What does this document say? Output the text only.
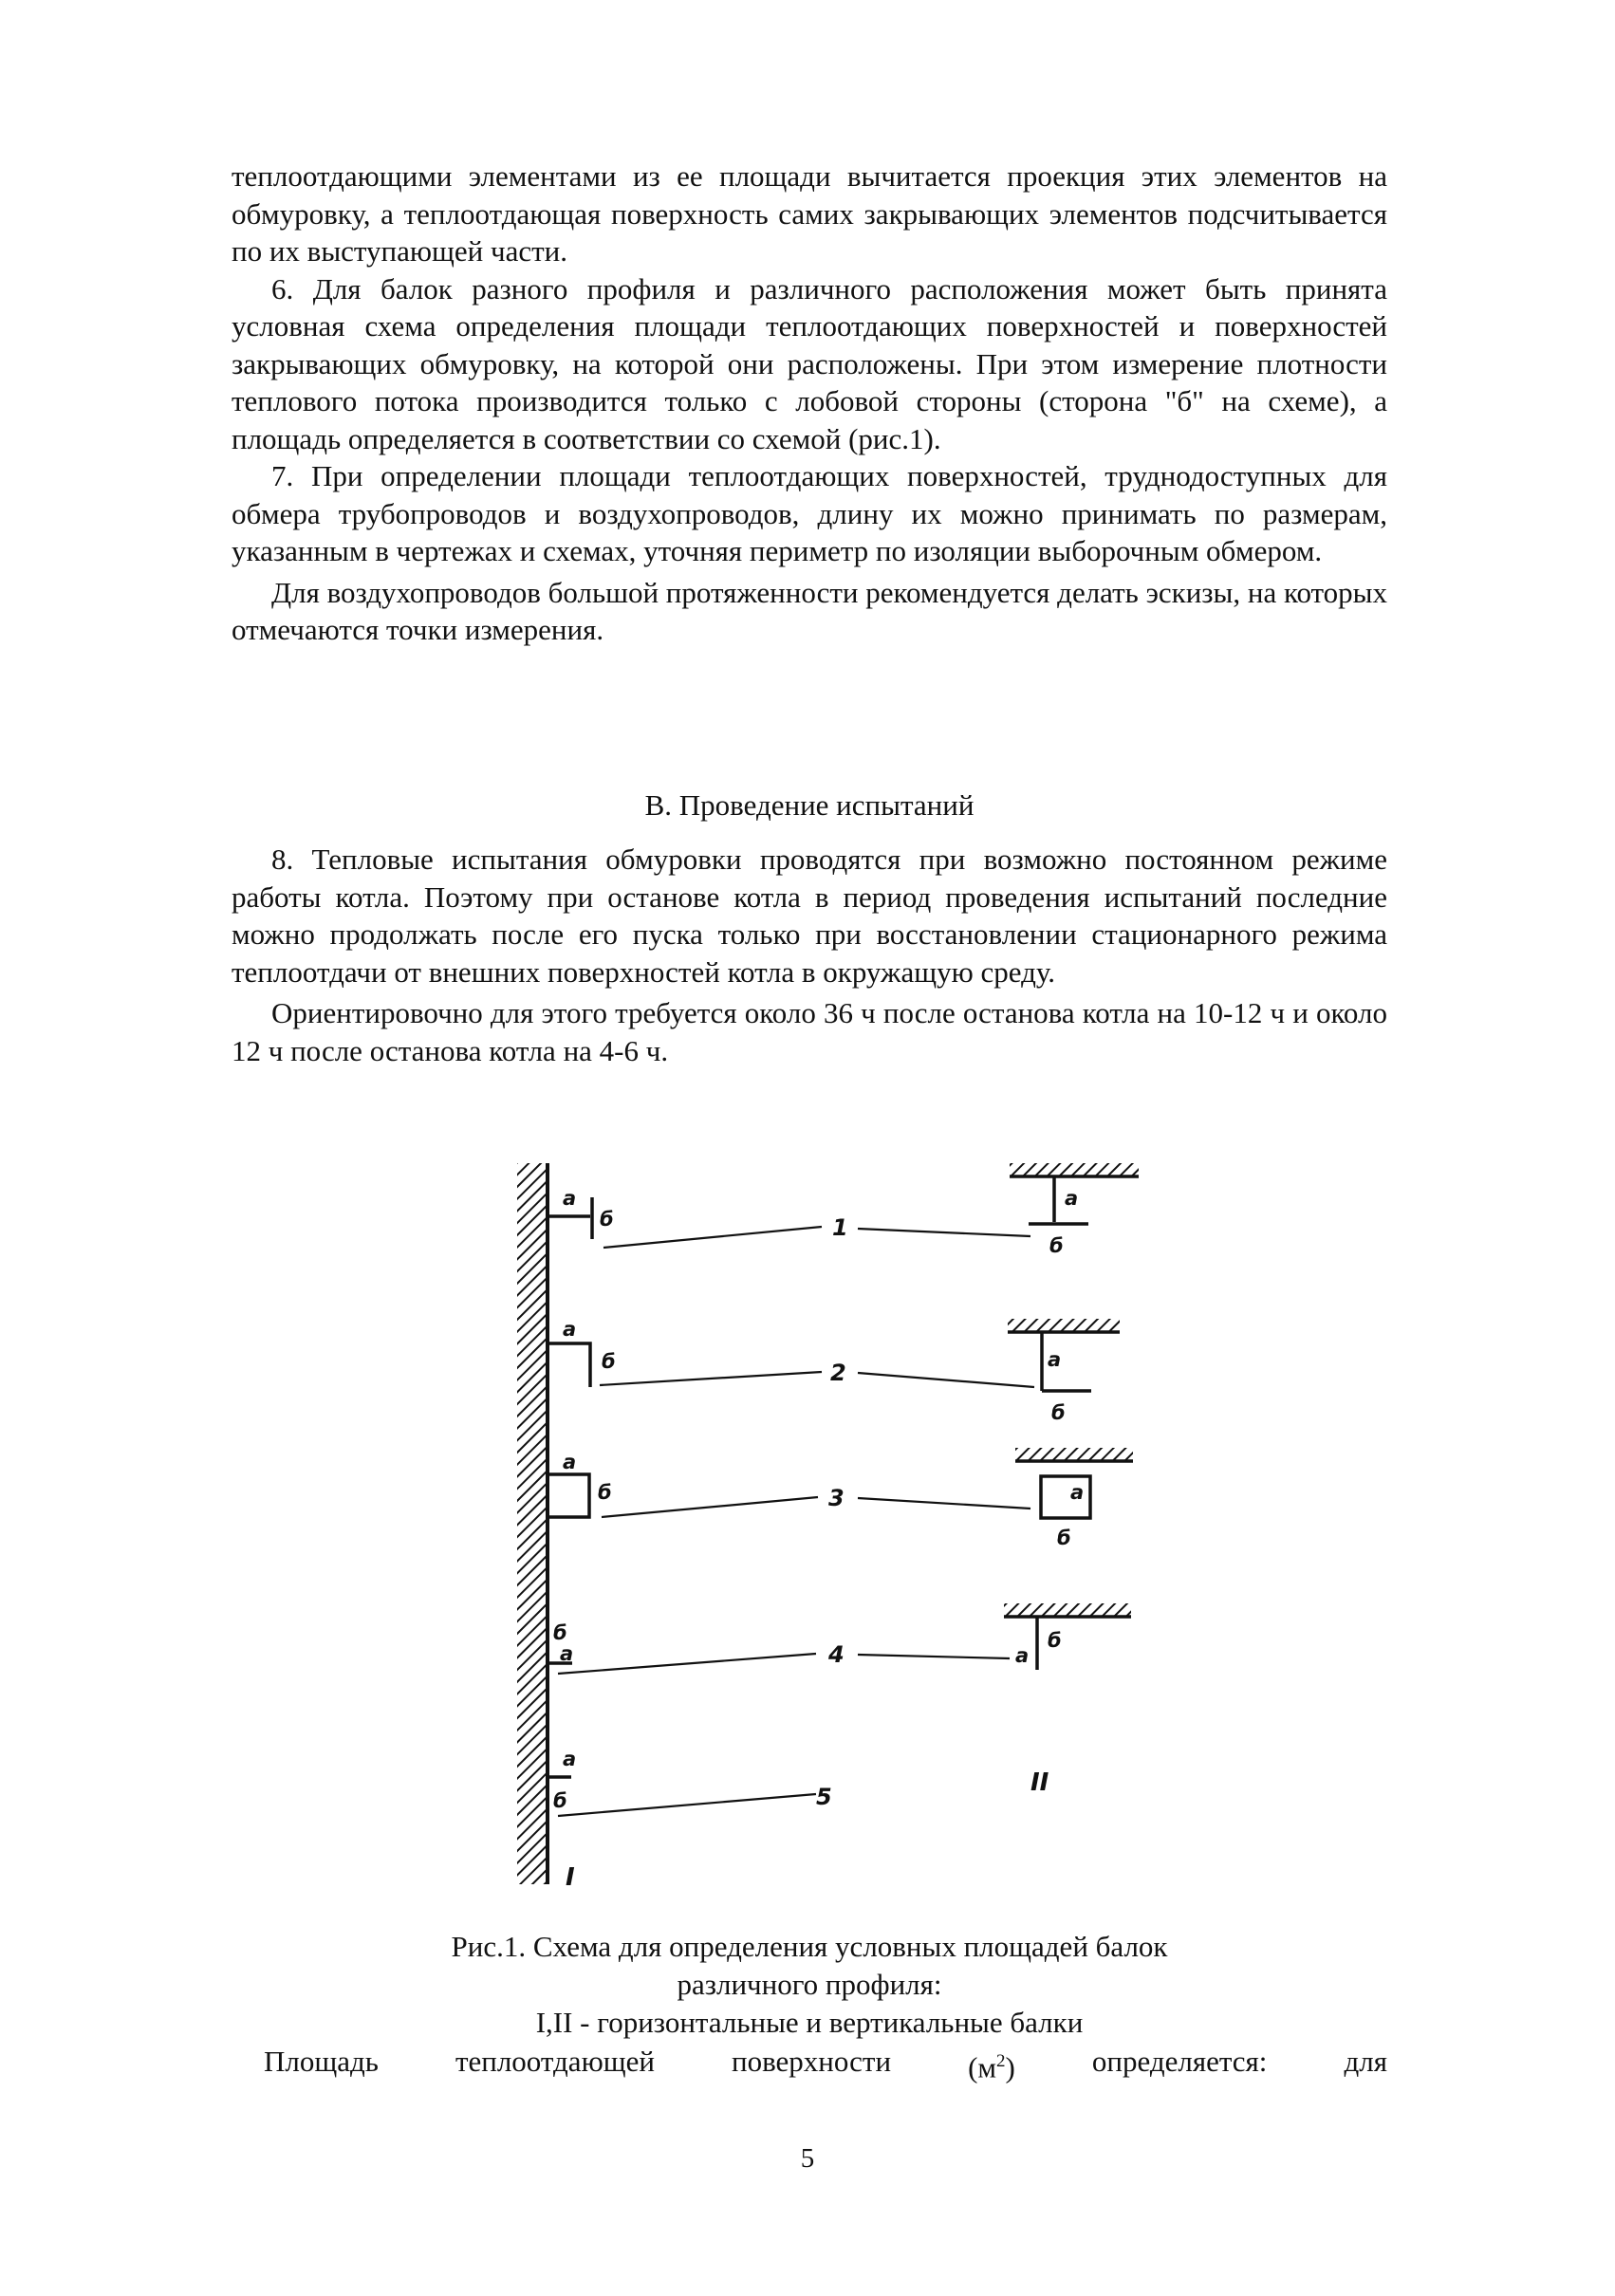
теплоотдающими элементами из ее площади вычитается проекция этих элементов на обмуровку, а теплоотдающая поверхность самих закрывающих элементов подсчитывается по их выступающей части.

6. Для балок разного профиля и различного расположения может быть принята условная схема определения площади теплоотдающих поверхностей и поверхностей закрывающих обмуровку, на которой они расположены. При этом измерение плотности теплового потока производится только с лобовой стороны (сторона "б" на схеме), а площадь определяется в соответствии со схемой (рис.1).

7. При определении площади теплоотдающих поверхностей, труднодоступных для обмера трубопроводов и воздухопроводов, длину их можно принимать по размерам, указанным в чертежах и схемах, уточняя периметр по изоляции выборочным обмером.

Для воздухопроводов большой протяженности рекомендуется делать эскизы, на которых отмечаются точки измерения.

В. Проведение испытаний

8. Тепловые испытания обмуровки проводятся при возможно постоянном режиме работы котла. Поэтому при останове котла в период проведения испытаний последние можно продолжать после его пуска только при восстановлении стационарного режима теплоотдачи от внешних поверхностей котла в окружащую среду.

Ориентировочно для этого требуется около 36 ч после останова котла на 10-12 ч и около 12 ч после останова котла на 4-6 ч.

а
б
а
б
а
б
б
а
а
б
а
б
а
б
а
б
а
б
1
2
3
4
5
I
II
Рис.1. Схема для определения условных площадей балок различного профиля:
I,II - горизонтальные и вертикальные балки
Площадь	теплоотдающей	поверхности	$(м^2)$	определяется:	для
5
